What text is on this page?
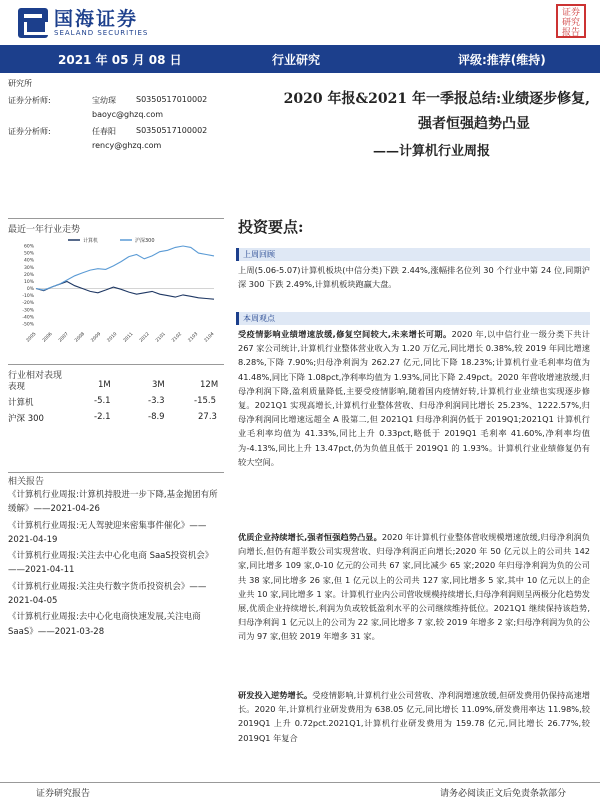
国海证券
SEALAND SECURITIES
证券研究报告
2021 年 05 月 08 日	行业研究	评级:推荐(维持)
研究所
证券分析师:	宝幼琛	S0350517010002
baoyc@ghzq.com
证券分析师:	任春阳	S0350517100002
rency@ghzq.com
最近一年行业走势
计算机	沪深300
60%
50%
40%
30%
20%
10%
0%
-10%
-20%
-30%
-40%
-50%
2005 2006 2007 2008 2009 2010 2011 2012 2101 2102 2103 2104
行业相对表现
表现	1M	3M	12M
计算机	-5.1	-3.3	-15.5
沪深 300	-2.1	-8.9	27.3
相关报告
《计算机行业周报:计算机持股进一步下降,基金抛团有所缓解》——2021-04-26
《计算机行业周报:无人驾驶迎来密集事件催化》——2021-04-19
《计算机行业周报:关注去中心化电商 SaaS投资机会》——2021-04-11
《计算机行业周报:关注央行数字货币投资机会》——2021-04-05
《计算机行业周报:去中心化电商快速发展,关注电商 SaaS》——2021-03-28
2020 年报&2021 年一季报总结:业绩逐步修复,
强者恒强趋势凸显
——计算机行业周报
投资要点:
上周回顾
上周(5.06-5.07)计算机板块(中信分类)下跌 2.44%,涨幅排名位列 30 个行业中第 24 位,同期沪深 300 下跌 2.49%,计算机板块跑赢大盘。
本周观点
受疫情影响业绩增速放缓,修复空间较大,未来增长可期。2020 年,以中信行业一级分类下共计 267 家公司统计,计算机行业整体营业收入为 1.20 万亿元,同比增长 0.38%,较 2019 年同比增速 8.28%,下降 7.90%;归母净利润为 262.27 亿元,同比下降 18.23%;计算机行业毛利率均值为 41.48%,同比下降 1.08pct,净利率均值为 1.93%,同比下降 2.49pct。2020 年营收增速放缓,归母净利润下降,盈利质量降低,主要受疫情影响,随着国内疫情好转,计算机行业业绩也实现逐步修复。2021Q1 实现高增长,计算机行业整体营收、归母净利润同比增长 25.23%、1222.57%,归母净利润同比增速远超全 A 股第二,但 2021Q1 归母净利润仍低于 2019Q1;2021Q1 计算机行业毛利率均值为 41.33%,同比上升 0.33pct,略低于 2019Q1 毛利率 41.60%,净利率均值为-4.13%,同比上升 13.47pct,仍为负值且低于 2019Q1 的 1.93%。计算机行业业绩修复仍有较大空间。
优质企业持续增长,强者恒强趋势凸显。2020 年计算机行业整体营收规模增速放缓,归母净利润负向增长,但仍有超半数公司实现营收、归母净利润正向增长;2020 年 50 亿元以上的公司共 142 家,同比增多 109 家,0-10 亿元的公司共 67 家,同比减少 65 家;2020 年归母净利润为负的公司共 38 家,同比增多 26 家,但 1 亿元以上的公司共 127 家,同比增多 5 家,其中 10 亿元以上的企业共 10 家,同比增多 1 家。计算机行业内公司营收规模持续增长,归母净利润则呈两极分化趋势发展,优质企业持续增长,利润为负或较低盈利水平的公司继续维持低位。2021Q1 继续保持该趋势,归母净利润 1 亿元以上的公司为 22 家,同比增多 7 家,较 2019 年增多 2 家;归母净利润为负的公司为 97 家,但较 2019 年增多 31 家。
研发投入逆势增长。受疫情影响,计算机行业公司营收、净利润增速放缓,但研发费用仍保持高速增长。2020 年,计算机行业研发费用为 638.05 亿元,同比增长 11.09%,研发费用率达 11.98%,较 2019Q1 上升 0.72pct.2021Q1,计算机行业研发费用为 159.78 亿元,同比增长 26.77%,较 2019Q1 年复合
证券研究报告	请务必阅读正文后免责条款部分
